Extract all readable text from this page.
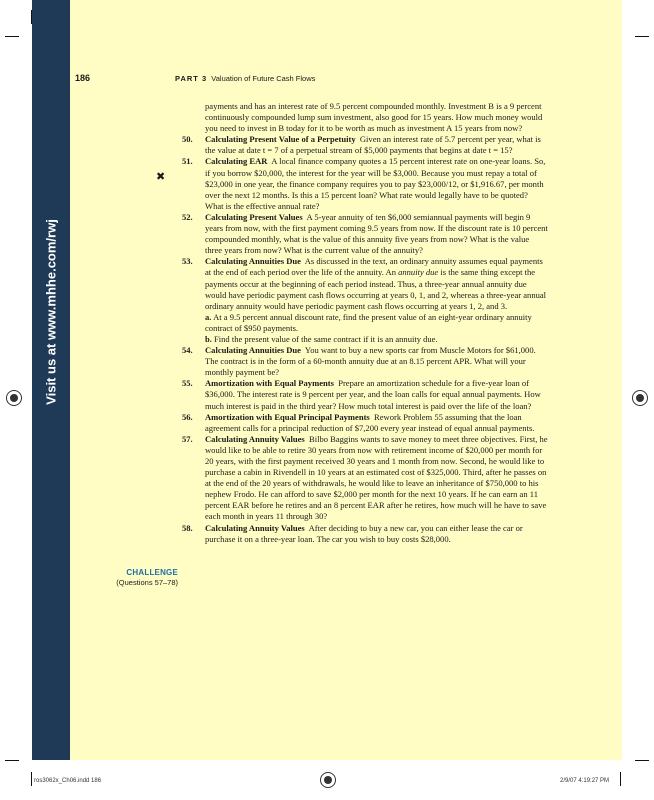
Visit us at www.mhhe.com/rwj
186	PART 3 Valuation of Future Cash Flows
✖
CHALLENGE
(Questions 57–78)

payments and has an interest rate of 9.5 percent compounded monthly. Investment B is a 9 percent continuously compounded lump sum investment, also good for 15 years. How much money would you need to invest in B today for it to be worth as much as investment A 15 years from now?

50. Calculating Present Value of a Perpetuity Given an interest rate of 5.7 percent per year, what is the value at date t = 7 of a perpetual stream of $5,000 payments that begins at date t = 15?

51. Calculating EAR A local finance company quotes a 15 percent interest rate on one-year loans. So, if you borrow $20,000, the interest for the year will be $3,000. Because you must repay a total of $23,000 in one year, the finance company requires you to pay $23,000/12, or $1,916.67, per month over the next 12 months. Is this a 15 percent loan? What rate would legally have to be quoted? What is the effective annual rate?

52. Calculating Present Values A 5-year annuity of ten $6,000 semiannual payments will begin 9 years from now, with the first payment coming 9.5 years from now. If the discount rate is 10 percent compounded monthly, what is the value of this annuity five years from now? What is the value three years from now? What is the current value of the annuity?

53. Calculating Annuities Due As discussed in the text, an ordinary annuity assumes equal payments at the end of each period over the life of the annuity. An annuity due is the same thing except the payments occur at the beginning of each period instead. Thus, a three-year annual annuity due would have periodic payment cash flows occurring at years 0, 1, and 2, whereas a three-year annual ordinary annuity would have periodic payment cash flows occurring at years 1, 2, and 3.
a. At a 9.5 percent annual discount rate, find the present value of an eight-year ordinary annuity contract of $950 payments.
b. Find the present value of the same contract if it is an annuity due.

54. Calculating Annuities Due You want to buy a new sports car from Muscle Motors for $61,000. The contract is in the form of a 60-month annuity due at an 8.15 percent APR. What will your monthly payment be?

55. Amortization with Equal Payments Prepare an amortization schedule for a five-year loan of $36,000. The interest rate is 9 percent per year, and the loan calls for equal annual payments. How much interest is paid in the third year? How much total interest is paid over the life of the loan?

56. Amortization with Equal Principal Payments Rework Problem 55 assuming that the loan agreement calls for a principal reduction of $7,200 every year instead of equal annual payments.

57. Calculating Annuity Values Bilbo Baggins wants to save money to meet three objectives. First, he would like to be able to retire 30 years from now with retirement income of $20,000 per month for 20 years, with the first payment received 30 years and 1 month from now. Second, he would like to purchase a cabin in Rivendell in 10 years at an estimated cost of $325,000. Third, after he passes on at the end of the 20 years of withdrawals, he would like to leave an inheritance of $750,000 to his nephew Frodo. He can afford to save $2,000 per month for the next 10 years. If he can earn an 11 percent EAR before he retires and an 8 percent EAR after he retires, how much will he have to save each month in years 11 through 30?

58. Calculating Annuity Values After deciding to buy a new car, you can either lease the car or purchase it on a three-year loan. The car you wish to buy costs $28,000.

ros3062x_Ch06.indd 186	2/9/07 4:19:27 PM
